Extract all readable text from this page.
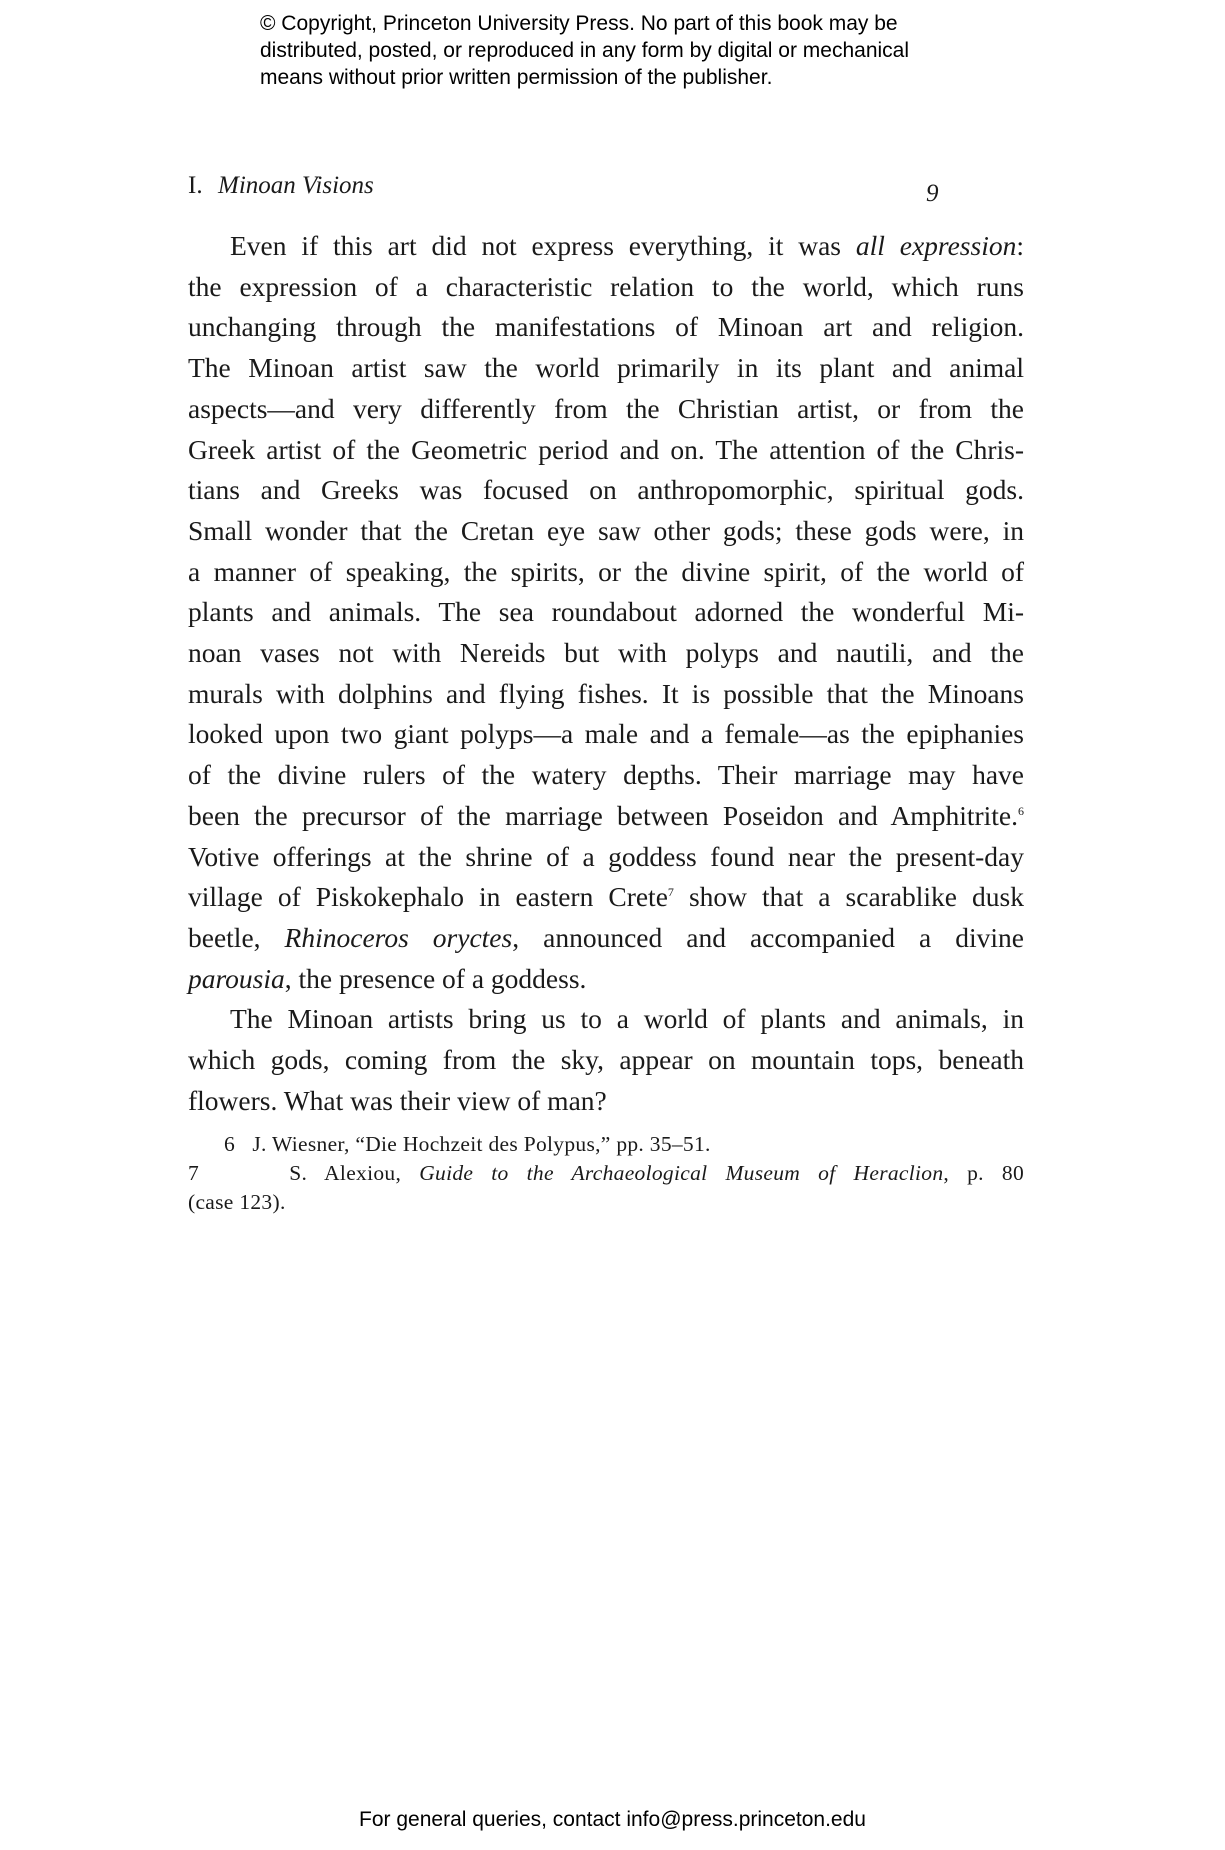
© Copyright, Princeton University Press. No part of this book may be
distributed, posted, or reproduced in any form by digital or mechanical
means without prior written permission of the publisher.
I. Minoan Visions	9

Even if this art did not express everything, it was all expression:
the expression of a characteristic relation to the world, which runs
unchanging through the manifestations of Minoan art and religion.
The Minoan artist saw the world primarily in its plant and animal
aspects—and very differently from the Christian artist, or from the
Greek artist of the Geometric period and on. The attention of the Chris-
tians and Greeks was focused on anthropomorphic, spiritual gods.
Small wonder that the Cretan eye saw other gods; these gods were, in
a manner of speaking, the spirits, or the divine spirit, of the world of
plants and animals. The sea roundabout adorned the wonderful Mi-
noan vases not with Nereids but with polyps and nautili, and the
murals with dolphins and flying fishes. It is possible that the Minoans
looked upon two giant polyps—a male and a female—as the epiphanies
of the divine rulers of the watery depths. Their marriage may have
been the precursor of the marriage between Poseidon and Amphitrite.$^6$
Votive offerings at the shrine of a goddess found near the present-day
village of Piskokephalo in eastern Crete$^7$ show that a scarablike dusk
beetle, Rhinoceros oryctes, announced and accompanied a divine
parousia, the presence of a goddess.

The Minoan artists bring us to a world of plants and animals, in
which gods, coming from the sky, appear on mountain tops, beneath
flowers. What was their view of man?

6 J. Wiesner, “Die Hochzeit des Polypus,” pp. 35–51.
7	S. Alexiou, Guide to the Archaeological Museum of Heraclion, p. 80
(case 123).
For general queries, contact info@press.princeton.edu
